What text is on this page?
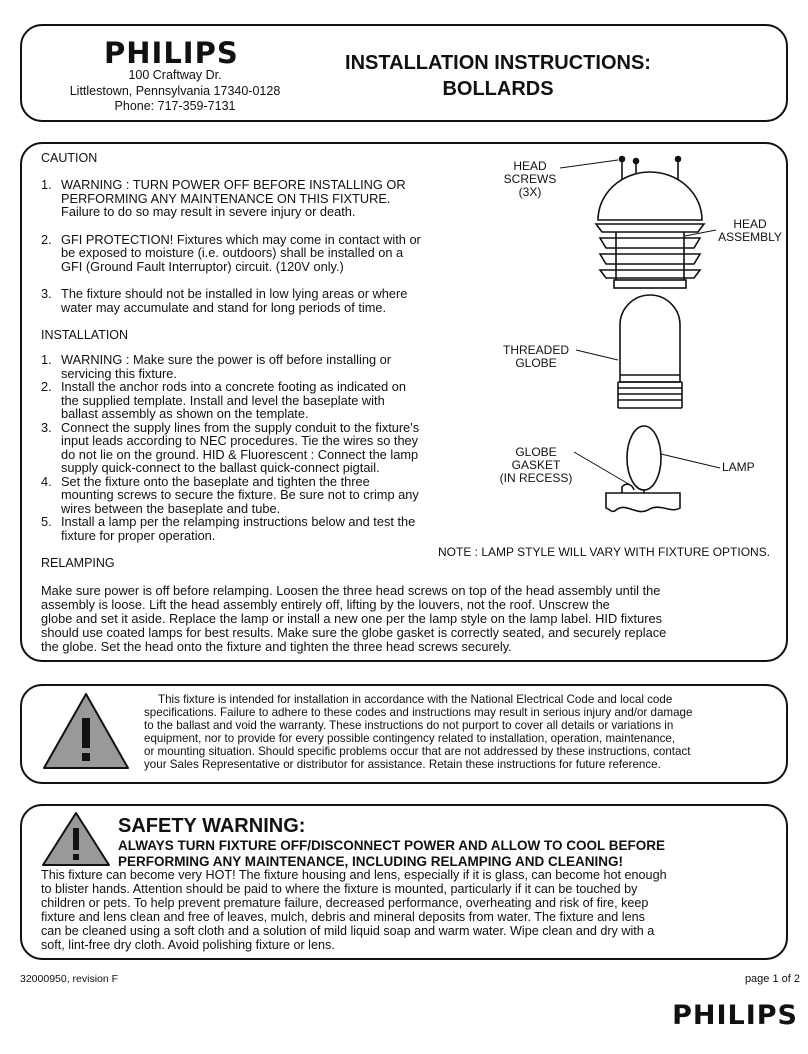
PHILIPS
100 Craftway Dr.
Littlestown, Pennsylvania 17340-0128
Phone: 717-359-7131
INSTALLATION INSTRUCTIONS:
BOLLARDS
CAUTION
1. WARNING : TURN POWER OFF BEFORE INSTALLING OR
PERFORMING ANY MAINTENANCE ON THIS FIXTURE.
Failure to do so may result in severe injury or death.
2. GFI PROTECTION! Fixtures which may come in contact with or
be exposed to moisture (i.e. outdoors) shall be installed on a
GFI (Ground Fault Interruptor) circuit. (120V only.)
3. The fixture should not be installed in low lying areas or where
water may accumulate and stand for long periods of time.
INSTALLATION
1. WARNING : Make sure the power is off before installing or
servicing this fixture.
2. Install the anchor rods into a concrete footing as indicated on
the supplied template. Install and level the baseplate with
ballast assembly as shown on the template.
3. Connect the supply lines from the supply conduit to the fixture's
input leads according to NEC procedures. Tie the wires so they
do not lie on the ground. HID & Fluorescent : Connect the lamp
supply quick-connect to the ballast quick-connect pigtail.
4. Set the fixture onto the baseplate and tighten the three
mounting screws to secure the fixture. Be sure not to crimp any
wires between the baseplate and tube.
5. Install a lamp per the relamping instructions below and test the
fixture for proper operation.
RELAMPING
Make sure power is off before relamping. Loosen the three head screws on top of the head assembly until the
assembly is loose. Lift the head assembly entirely off, lifting by the louvers, not the roof. Unscrew the
globe and set it aside. Replace the lamp or install a new one per the lamp style on the lamp label. HID fixtures
should use coated lamps for best results. Make sure the globe gasket is correctly seated, and securely replace
the globe. Set the head onto the fixture and tighten the three head screws securely.
HEAD
SCREWS
(3X)
HEAD
ASSEMBLY
THREADED
GLOBE
GLOBE
GASKET
(IN RECESS)
LAMP
NOTE : LAMP STYLE WILL VARY WITH FIXTURE OPTIONS.
This fixture is intended for installation in accordance with the National Electrical Code and local code
specifications. Failure to adhere to these codes and instructions may result in serious injury and/or damage
to the ballast and void the warranty. These instructions do not purport to cover all details or variations in
equipment, nor to provide for every possible contingency related to installation, operation, maintenance,
or mounting situation. Should specific problems occur that are not addressed by these instructions, contact
your Sales Representative or distributor for assistance. Retain these instructions for future reference.
SAFETY WARNING:
ALWAYS TURN FIXTURE OFF/DISCONNECT POWER AND ALLOW TO COOL BEFORE
PERFORMING ANY MAINTENANCE, INCLUDING RELAMPING AND CLEANING!
This fixture can become very HOT! The fixture housing and lens, especially if it is glass, can become hot enough
to blister hands. Attention should be paid to where the fixture is mounted, particularly if it can be touched by
children or pets. To help prevent premature failure, decreased performance, overheating and risk of fire, keep
fixture and lens clean and free of leaves, mulch, debris and mineral deposits from water. The fixture and lens
can be cleaned using a soft cloth and a solution of mild liquid soap and warm water. Wipe clean and dry with a
soft, lint-free dry cloth. Avoid polishing fixture or lens.
32000950, revision F	page 1 of 2
PHILIPS
